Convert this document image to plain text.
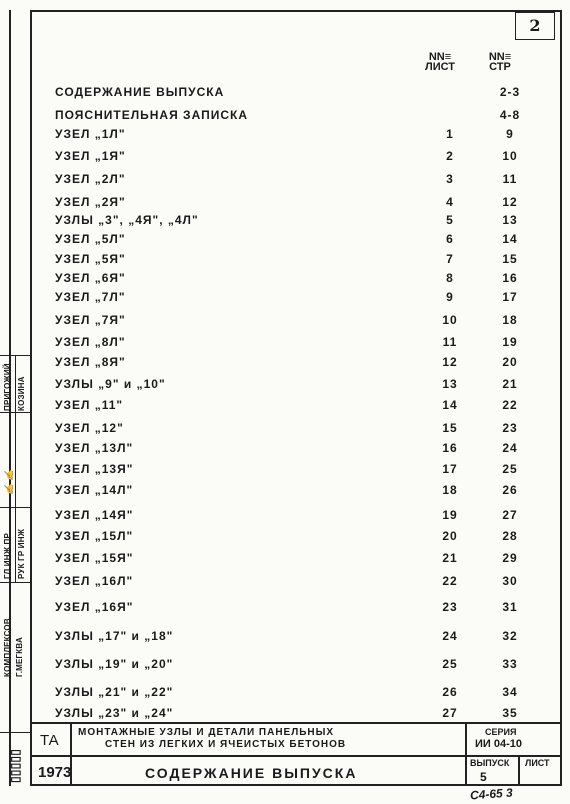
2
NN≡ ЛИСТ
NN≡ СТР
СОДЕРЖАНИЕ ВЫПУСКА	2-3
ПОЯСНИТЕЛЬНАЯ ЗАПИСКА	4-8
УЗЕЛ „1Л"	1	9
УЗЕЛ „1Я"	2	10
УЗЕЛ „2Л"	3	11
УЗЕЛ „2Я"	4	12
УЗЛЫ „3", „4Я", „4Л"	5	13
УЗЕЛ „5Л"	6	14
УЗЕЛ „5Я"	7	15
УЗЕЛ „6Я"	8	16
УЗЕЛ „7Л"	9	17
УЗЕЛ „7Я"	10	18
УЗЕЛ „8Л"	11	19
УЗЕЛ „8Я"	12	20
УЗЛЫ „9" и „10"	13	21
УЗЕЛ „11"	14	22
УЗЕЛ „12"	15	23
УЗЕЛ „13Л"	16	24
УЗЕЛ „13Я"	17	25
УЗЕЛ „14Л"	18	26
УЗЕЛ „14Я"	19	27
УЗЕЛ „15Л"	20	28
УЗЕЛ „15Я"	21	29
УЗЕЛ „16Л"	22	30
УЗЕЛ „16Я"	23	31
УЗЛЫ „17" и „18"	24	32
УЗЛЫ „19" и „20"	25	33
УЗЛЫ „21" и „22"	26	34
УЗЛЫ „23" и „24"	27	35
ПРИГОЖИЙ КОЗИНА
✍ ✍
ГЛ ИНЖ ПР РУК ГР ИНЖ
КОМПЛЕКСОВ Г.МЕГКВА
▯▯▯▯▯
ТА
1973
МОНТАЖНЫЕ УЗЛЫ И ДЕТАЛИ ПАНЕЛЬНЫХ
СТЕН ИЗ ЛЕГКИХ И ЯЧЕИСТЫХ БЕТОНОВ
СОДЕРЖАНИЕ ВЫПУСКА
СЕРИЯ
ИИ 04-10
ВЫПУСК
5
ЛИСТ
С4-65 3
